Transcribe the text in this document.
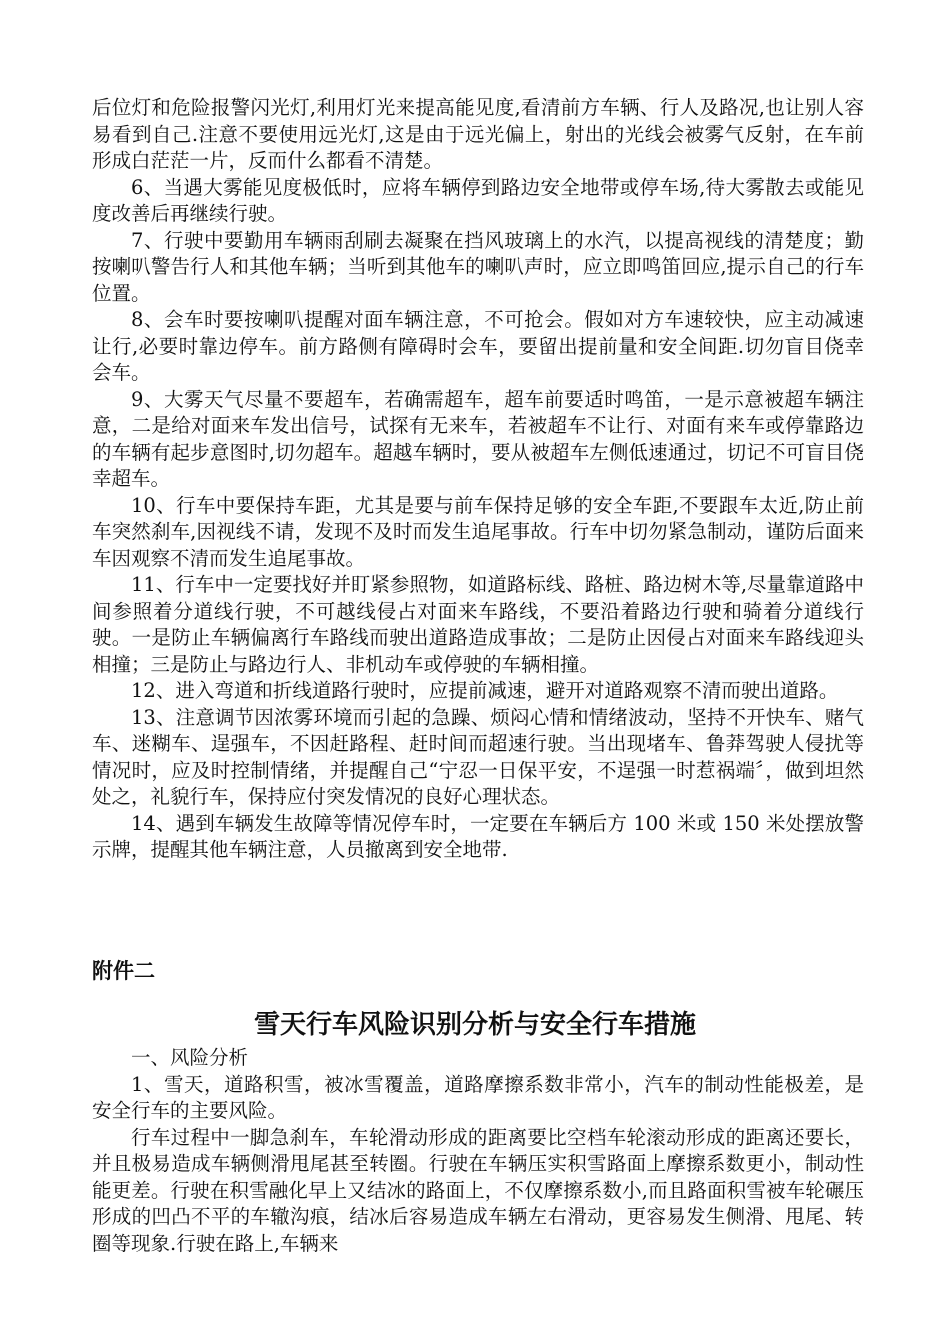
后位灯和危险报警闪光灯,利用灯光来提高能见度,看清前方车辆、行人及路况,也让别人容易看到自己.注意不要使用远光灯,这是由于远光偏上，射出的光线会被雾气反射，在车前形成白茫茫一片，反而什么都看不清楚。

6、当遇大雾能见度极低时，应将车辆停到路边安全地带或停车场,待大雾散去或能见度改善后再继续行驶。

7、行驶中要勤用车辆雨刮刷去凝聚在挡风玻璃上的水汽，以提高视线的清楚度；勤按喇叭警告行人和其他车辆；当听到其他车的喇叭声时，应立即鸣笛回应,提示自己的行车位置。

8、会车时要按喇叭提醒对面车辆注意，不可抢会。假如对方车速较快，应主动减速让行,必要时靠边停车。前方路侧有障碍时会车，要留出提前量和安全间距.切勿盲目侥幸会车。

9、大雾天气尽量不要超车，若确需超车，超车前要适时鸣笛，一是示意被超车辆注意，二是给对面来车发出信号，试探有无来车，若被超车不让行、对面有来车或停靠路边的车辆有起步意图时,切勿超车。超越车辆时，要从被超车左侧低速通过，切记不可盲目侥幸超车。

10、行车中要保持车距，尤其是要与前车保持足够的安全车距,不要跟车太近,防止前车突然刹车,因视线不请，发现不及时而发生追尾事故。行车中切勿紧急制动，谨防后面来车因观察不清而发生追尾事故。

11、行车中一定要找好并盯紧参照物，如道路标线、路桩、路边树木等,尽量靠道路中间参照着分道线行驶，不可越线侵占对面来车路线，不要沿着路边行驶和骑着分道线行驶。一是防止车辆偏离行车路线而驶出道路造成事故；二是防止因侵占对面来车路线迎头相撞；三是防止与路边行人、非机动车或停驶的车辆相撞。

12、进入弯道和折线道路行驶时，应提前减速，避开对道路观察不清而驶出道路。

13、注意调节因浓雾环境而引起的急躁、烦闷心情和情绪波动，坚持不开快车、赌气车、迷糊车、逞强车，不因赶路程、赶时间而超速行驶。当出现堵车、鲁莽驾驶人侵扰等情况时，应及时控制情绪，并提醒自己“宁忍一日保平安，不逞强一时惹祸端〞，做到坦然处之，礼貌行车，保持应付突发情况的良好心理状态。

14、遇到车辆发生故障等情况停车时，一定要在车辆后方 100 米或 150 米处摆放警示牌，提醒其他车辆注意，人员撤离到安全地带.

附件二
雪天行车风险识别分析与安全行车措施

一、风险分析

1、雪天，道路积雪，被冰雪覆盖，道路摩擦系数非常小，汽车的制动性能极差，是安全行车的主要风险。

行车过程中一脚急刹车，车轮滑动形成的距离要比空档车轮滚动形成的距离还要长，并且极易造成车辆侧滑甩尾甚至转圈。行驶在车辆压实积雪路面上摩擦系数更小，制动性能更差。行驶在积雪融化早上又结冰的路面上，不仅摩擦系数小,而且路面积雪被车轮碾压形成的凹凸不平的车辙沟痕，结冰后容易造成车辆左右滑动，更容易发生侧滑、甩尾、转圈等现象.行驶在路上,车辆来
